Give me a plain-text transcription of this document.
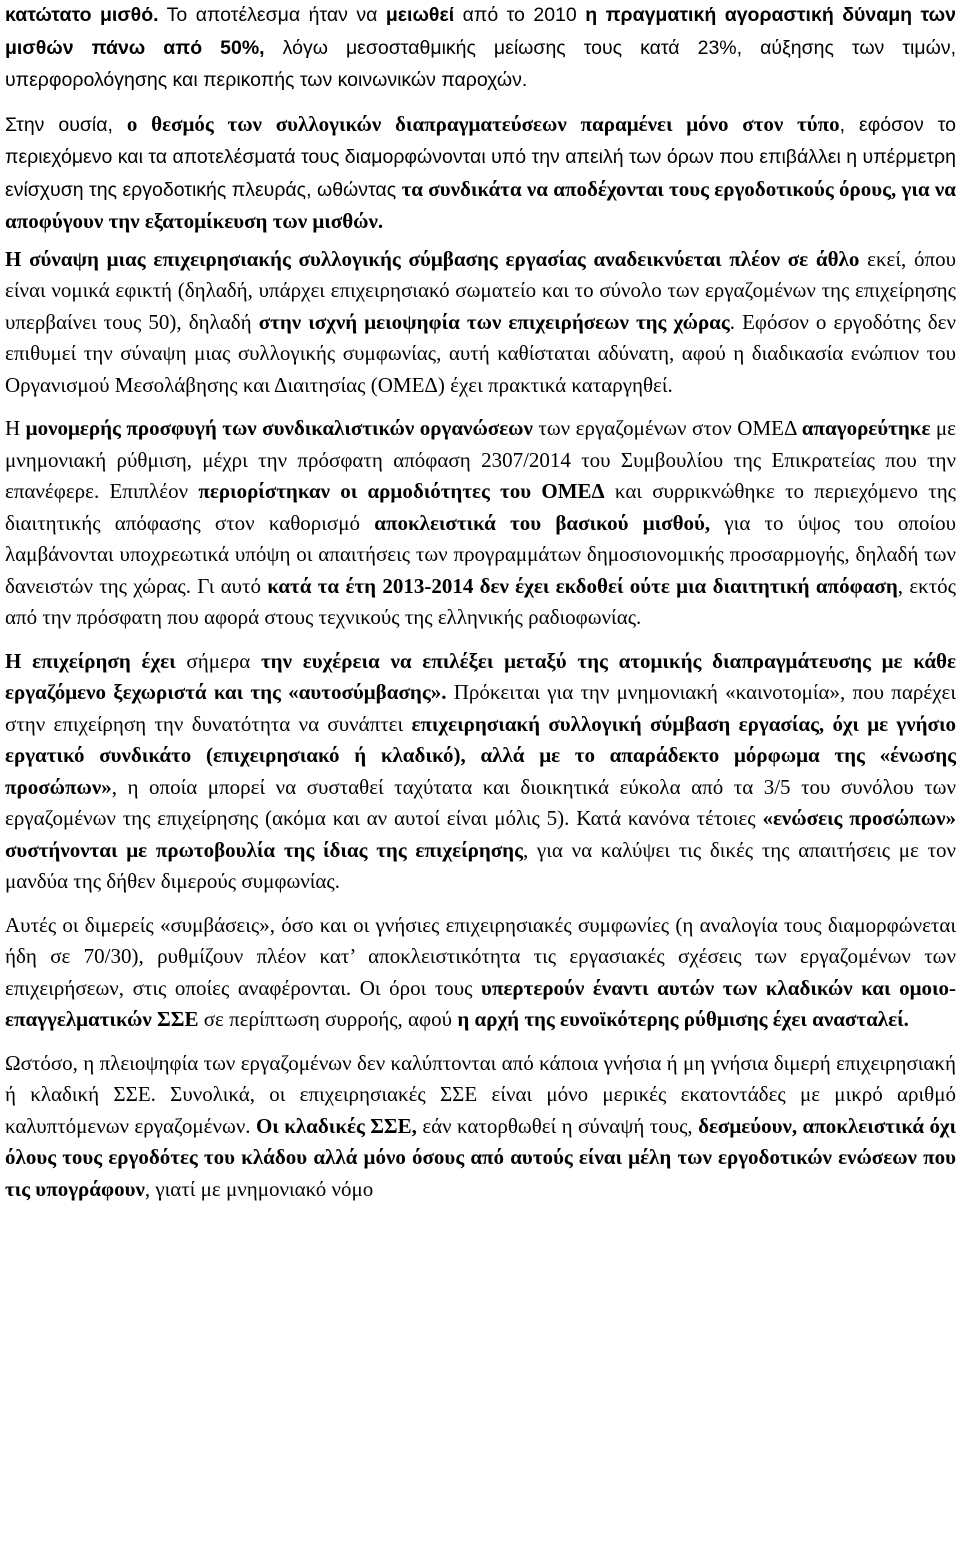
κατώτατο μισθό. Το αποτέλεσμα ήταν να μειωθεί από το 2010 η πραγματική αγοραστική δύναμη των μισθών πάνω από 50%, λόγω μεσοσταθμικής μείωσης τους κατά 23%, αύξησης των τιμών, υπερφορολόγησης και περικοπής των κοινωνικών παροχών.

Στην ουσία, ο θεσμός των συλλογικών διαπραγματεύσεων παραμένει μόνο στον τύπο, εφόσον το περιεχόμενο και τα αποτελέσματά τους διαμορφώνονται υπό την απειλή των όρων που επιβάλλει η υπέρμετρη ενίσχυση της εργοδοτικής πλευράς, ωθώντας τα συνδικάτα να αποδέχονται τους εργοδοτικούς όρους, για να αποφύγουν την εξατομίκευση των μισθών.

Η σύναψη μιας επιχειρησιακής συλλογικής σύμβασης εργασίας αναδεικνύεται πλέον σε άθλο εκεί, όπου είναι νομικά εφικτή (δηλαδή, υπάρχει επιχειρησιακό σωματείο και το σύνολο των εργαζομένων της επιχείρησης υπερβαίνει τους 50), δηλαδή στην ισχνή μειοψηφία των επιχειρήσεων της χώρας. Εφόσον ο εργοδότης δεν επιθυμεί την σύναψη μιας συλλογικής συμφωνίας, αυτή καθίσταται αδύνατη, αφού η διαδικασία ενώπιον του Οργανισμού Μεσολάβησης και Διαιτησίας (ΟΜΕΔ) έχει πρακτικά καταργηθεί.

Η μονομερής προσφυγή των συνδικαλιστικών οργανώσεων των εργαζομένων στον ΟΜΕΔ απαγορεύτηκε με μνημονιακή ρύθμιση, μέχρι την πρόσφατη απόφαση 2307/2014 του Συμβουλίου της Επικρατείας που την επανέφερε. Επιπλέον περιορίστηκαν οι αρμοδιότητες του ΟΜΕΔ και συρρικνώθηκε το περιεχόμενο της διαιτητικής απόφασης στον καθορισμό αποκλειστικά του βασικού μισθού, για το ύψος του οποίου λαμβάνονται υποχρεωτικά υπόψη οι απαιτήσεις των προγραμμάτων δημοσιονομικής προσαρμογής, δηλαδή των δανειστών της χώρας. Γι αυτό κατά τα έτη 2013-2014 δεν έχει εκδοθεί ούτε μια διαιτητική απόφαση, εκτός από την πρόσφατη που αφορά στους τεχνικούς της ελληνικής ραδιοφωνίας.

Η επιχείρηση έχει σήμερα την ευχέρεια να επιλέξει μεταξύ της ατομικής διαπραγμάτευσης με κάθε εργαζόμενο ξεχωριστά και της «αυτοσύμβασης». Πρόκειται για την μνημονιακή «καινοτομία», που παρέχει στην επιχείρηση την δυνατότητα να συνάπτει επιχειρησιακή συλλογική σύμβαση εργασίας, όχι με γνήσιο εργατικό συνδικάτο (επιχειρησιακό ή κλαδικό), αλλά με το απαράδεκτο μόρφωμα της «ένωσης προσώπων», η οποία μπορεί να συσταθεί ταχύτατα και διοικητικά εύκολα από τα 3/5 του συνόλου των εργαζομένων της επιχείρησης (ακόμα και αν αυτοί είναι μόλις 5). Κατά κανόνα τέτοιες «ενώσεις προσώπων» συστήνονται με πρωτοβουλία της ίδιας της επιχείρησης, για να καλύψει τις δικές της απαιτήσεις με τον μανδύα της δήθεν διμερούς συμφωνίας.

Αυτές οι διμερείς «συμβάσεις», όσο και οι γνήσιες επιχειρησιακές συμφωνίες (η αναλογία τους διαμορφώνεται ήδη σε 70/30), ρυθμίζουν πλέον κατ’ αποκλειστικότητα τις εργασιακές σχέσεις των εργαζομένων των επιχειρήσεων, στις οποίες αναφέρονται. Οι όροι τους υπερτερούν έναντι αυτών των κλαδικών και ομοιο-επαγγελματικών ΣΣΕ σε περίπτωση συρροής, αφού η αρχή της ευνοϊκότερης ρύθμισης έχει ανασταλεί.

Ωστόσο, η πλειοψηφία των εργαζομένων δεν καλύπτονται από κάποια γνήσια ή μη γνήσια διμερή επιχειρησιακή ή κλαδική ΣΣΕ. Συνολικά, οι επιχειρησιακές ΣΣΕ είναι μόνο μερικές εκατοντάδες με μικρό αριθμό καλυπτόμενων εργαζομένων. Οι κλαδικές ΣΣΕ, εάν κατορθωθεί η σύναψή τους, δεσμεύουν, αποκλειστικά όχι όλους τους εργοδότες του κλάδου αλλά μόνο όσους από αυτούς είναι μέλη των εργοδοτικών ενώσεων που τις υπογράφουν, γιατί με μνημονιακό νόμο
